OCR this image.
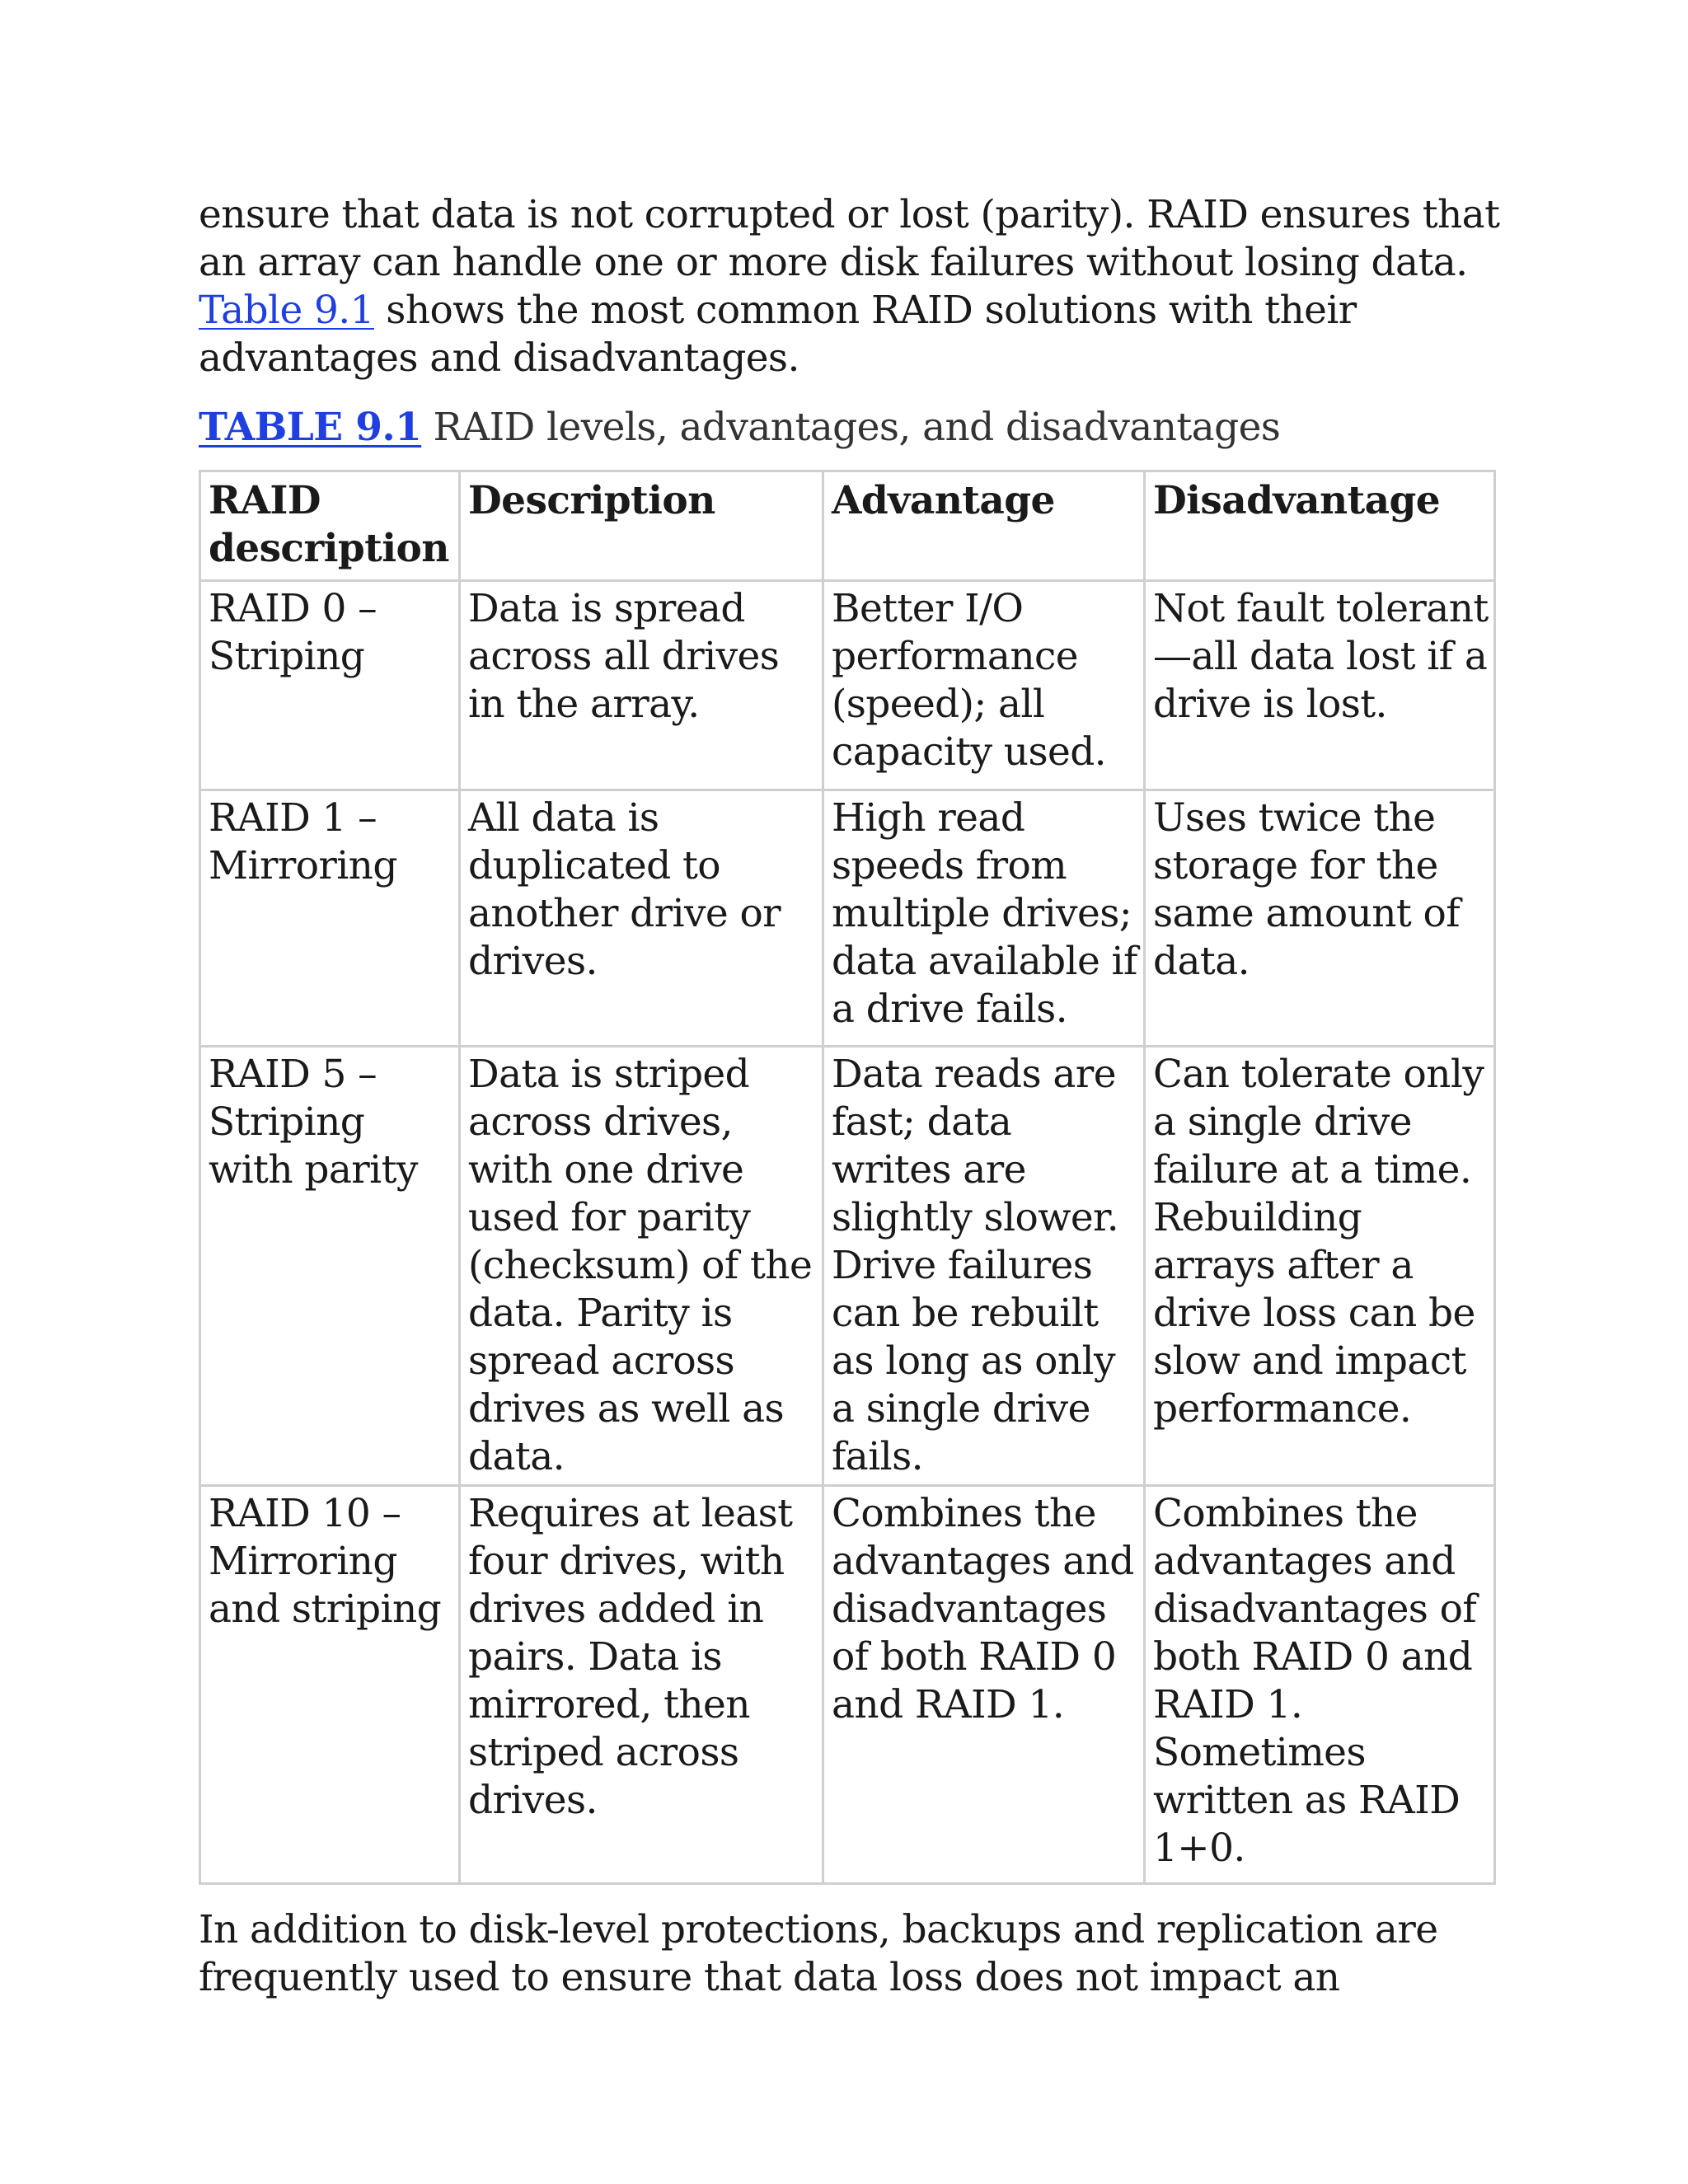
ensure that data is not corrupted or lost (parity). RAID ensures that an array can handle one or more disk failures without losing data. Table 9.1 shows the most common RAID solutions with their advantages and disadvantages.

TABLE 9.1 RAID levels, advantages, and disadvantages
RAID description	Description	Advantage	Disadvantage
RAID 0 – Striping	Data is spread across all drives in the array.	Better I/O performance (speed); all capacity used.	Not fault tolerant—all data lost if a drive is lost.
RAID 1 – Mirroring	All data is duplicated to another drive or drives.	High read speeds from multiple drives; data available if a drive fails.	Uses twice the storage for the same amount of data.
RAID 5 – Striping with parity	Data is striped across drives, with one drive used for parity (checksum) of the data. Parity is spread across drives as well as data.	Data reads are fast; data writes are slightly slower. Drive failures can be rebuilt as long as only a single drive fails.	Can tolerate only a single drive failure at a time. Rebuilding arrays after a drive loss can be slow and impact performance.
RAID 10 – Mirroring and striping	Requires at least four drives, with drives added in pairs. Data is mirrored, then striped across drives.	Combines the advantages and disadvantages of both RAID 0 and RAID 1.	Combines the advantages and disadvantages of both RAID 0 and RAID 1. Sometimes written as RAID 1+0.

In addition to disk-level protections, backups and replication are frequently used to ensure that data loss does not impact an
